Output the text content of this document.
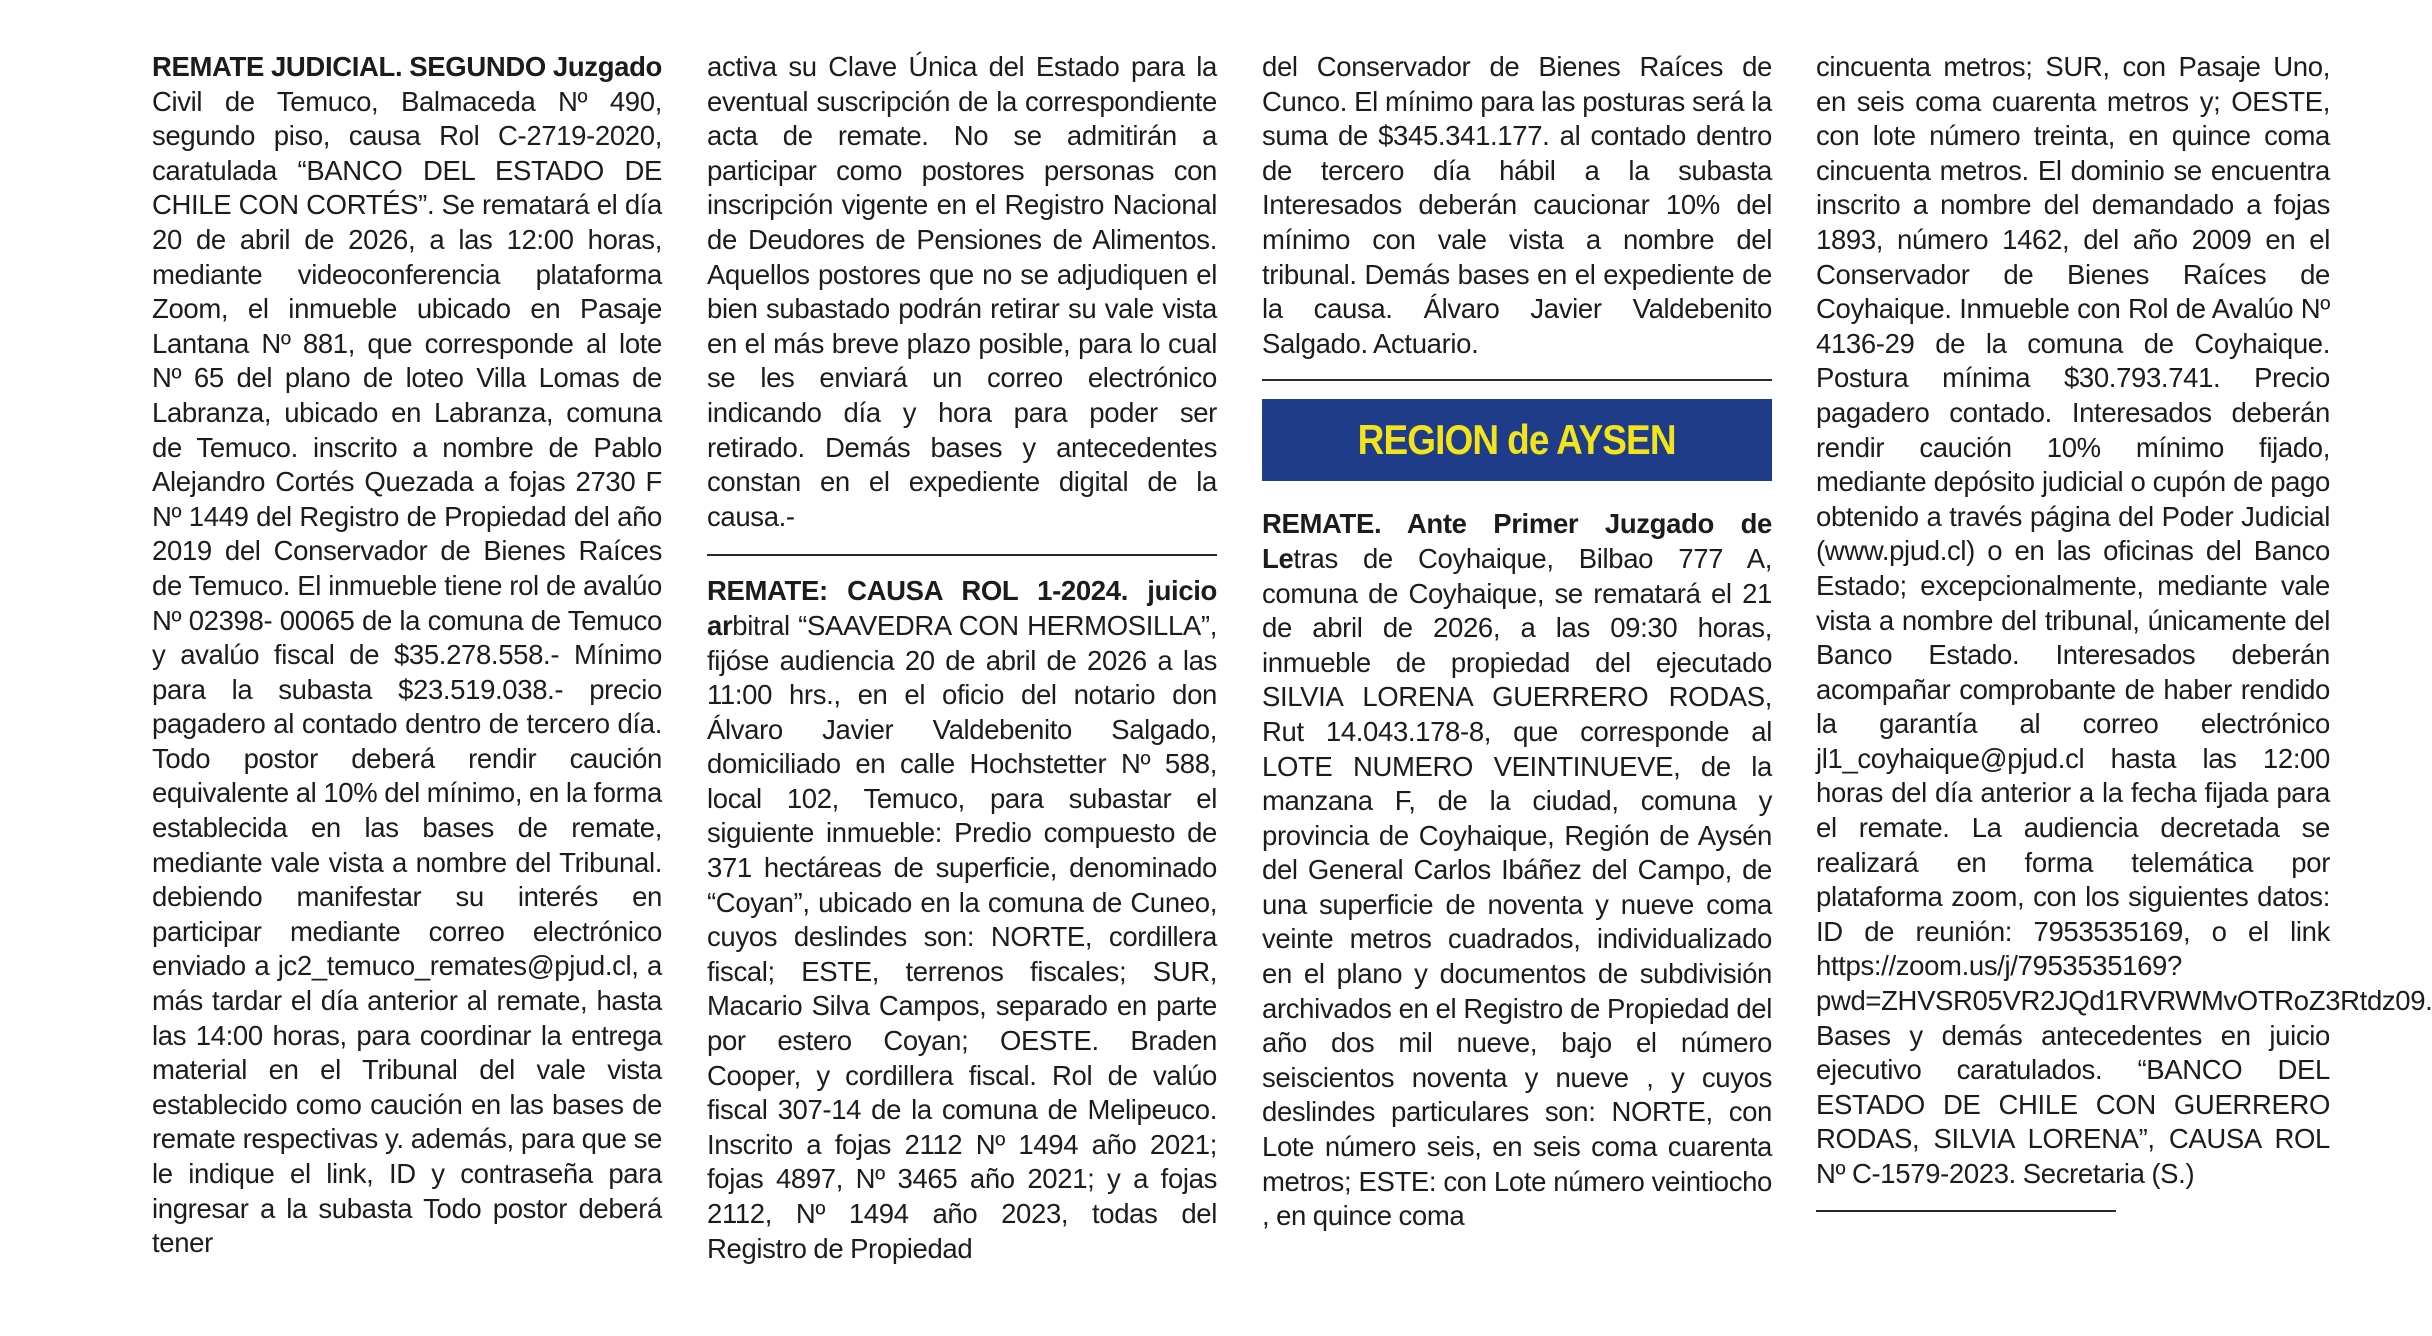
REMATE JUDICIAL. SEGUNDO Juzgado Civil de Temuco, Balmaceda Nº 490, segundo piso, causa Rol C-2719-2020, caratulada “BANCO DEL ESTADO DE CHILE CON CORTÉS”. Se rematará el día 20 de abril de 2026, a las 12:00 horas, mediante videoconferencia plataforma Zoom, el inmueble ubicado en Pasaje Lantana Nº 881, que corresponde al lote Nº 65 del plano de loteo Villa Lomas de Labranza, ubicado en Labranza, comuna de Temuco. inscrito a nombre de Pablo Alejandro Cortés Quezada a fojas 2730 F Nº 1449 del Registro de Propiedad del año 2019 del Conservador de Bienes Raíces de Temuco. El inmueble tiene rol de avalúo Nº 02398- 00065 de la comuna de Temuco y avalúo fiscal de $35.278.558.- Mínimo para la subasta $23.519.038.- precio pagadero al contado dentro de tercero día. Todo postor deberá rendir caución equivalente al 10% del mínimo, en la forma establecida en las bases de remate, mediante vale vista a nombre del Tribunal. debiendo manifestar su interés en participar mediante correo electrónico enviado a jc2_temuco_remates@pjud.cl, a más tardar el día anterior al remate, hasta las 14:00 horas, para coordinar la entrega material en el Tribunal del vale vista establecido como caución en las bases de remate respectivas y. además, para que se le indique el link, ID y contraseña para ingresar a la subasta Todo postor deberá tener

activa su Clave Única del Estado para la eventual suscripción de la correspondiente acta de remate. No se admitirán a participar como postores personas con inscripción vigente en el Registro Nacional de Deudores de Pensiones de Alimentos. Aquellos postores que no se adjudiquen el bien subastado podrán retirar su vale vista en el más breve plazo posible, para lo cual se les enviará un correo electrónico indicando día y hora para poder ser retirado. Demás bases y antecedentes constan en el expediente digital de la causa.-

REMATE: CAUSA ROL 1-2024. juicio arbitral “SAAVEDRA CON HERMOSILLA”, fijóse audiencia 20 de abril de 2026 a las 11:00 hrs., en el oficio del notario don Álvaro Javier Valdebenito Salgado, domiciliado en calle Hochstetter Nº 588, local 102, Temuco, para subastar el siguiente inmueble: Predio compuesto de 371 hectáreas de superficie, denominado “Coyan”, ubicado en la comuna de Cuneo, cuyos deslindes son: NORTE, cordillera fiscal; ESTE, terrenos fiscales; SUR, Macario Silva Campos, separado en parte por estero Coyan; OESTE. Braden Cooper, y cordillera fiscal. Rol de valúo fiscal 307-14 de la comuna de Melipeuco. Inscrito a fojas 2112 Nº 1494 año 2021; fojas 4897, Nº 3465 año 2021; y a fojas 2112, Nº 1494 año 2023, todas del Registro de Propiedad

del Conservador de Bienes Raíces de Cunco. El mínimo para las posturas será la suma de $345.341.177. al contado dentro de tercero día hábil a la subasta Interesados deberán caucionar 10% del mínimo con vale vista a nombre del tribunal. Demás bases en el expediente de la causa. Álvaro Javier Valdebenito Salgado. Actuario.

REGION de AYSEN

REMATE. Ante Primer Juzgado de Letras de Coyhaique, Bilbao 777 A, comuna de Coyhaique, se rematará el 21 de abril de 2026, a las 09:30 horas, inmueble de propiedad del ejecutado SILVIA LORENA GUERRERO RODAS, Rut 14.043.178-8, que corresponde al LOTE NUMERO VEINTINUEVE, de la manzana F, de la ciudad, comuna y provincia de Coyhaique, Región de Aysén del General Carlos Ibáñez del Campo, de una superficie de noventa y nueve coma veinte metros cuadrados, individualizado en el plano y documentos de subdivisión archivados en el Registro de Propiedad del año dos mil nueve, bajo el número seiscientos noventa y nueve , y cuyos deslindes particulares son: NORTE, con Lote número seis, en seis coma cuarenta metros; ESTE: con Lote número veintiocho , en quince coma

cincuenta metros; SUR, con Pasaje Uno, en seis coma cuarenta metros y; OESTE, con lote número treinta, en quince coma cincuenta metros. El dominio se encuentra inscrito a nombre del demandado a fojas 1893, número 1462, del año 2009 en el Conservador de Bienes Raíces de Coyhaique. Inmueble con Rol de Avalúo Nº 4136-29 de la comuna de Coyhaique. Postura mínima $30.793.741. Precio pagadero contado. Interesados deberán rendir caución 10% mínimo fijado, mediante depósito judicial o cupón de pago obtenido a través página del Poder Judicial (www.pjud.cl) o en las oficinas del Banco Estado; excepcionalmente, mediante vale vista a nombre del tribunal, únicamente del Banco Estado. Interesados deberán acompañar comprobante de haber rendido la garantía al correo electrónico jl1_coyhaique@pjud.cl hasta las 12:00 horas del día anterior a la fecha fijada para el remate. La audiencia decretada se realizará en forma telemática por plataforma zoom, con los siguientes datos: ID de reunión: 7953535169, o el link https://zoom.us/j/7953535169?pwd=ZHVSR05VR2JQd1RVRWMvOTRoZ3Rtdz09. Bases y demás antecedentes en juicio ejecutivo caratulados. “BANCO DEL ESTADO DE CHILE CON GUERRERO RODAS, SILVIA LORENA”, CAUSA ROL Nº C-1579-2023. Secretaria (S.)
